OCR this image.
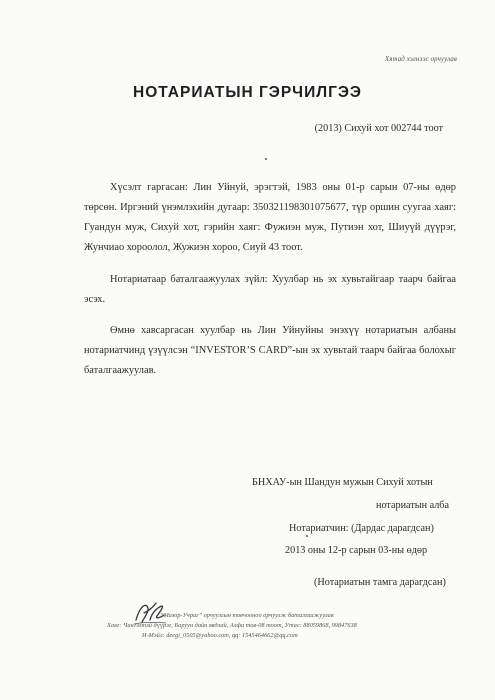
Хятад хэлнээс орчуулав
НОТАРИАТЫН ГЭРЧИЛГЭЭ
(2013) Сихуй хот 002744 тоот
Хүсэлт гаргасан: Лин Уйнуй, эрэгтэй, 1983 оны 01-р сарын 07-ны өдөр төрсөн. Иргэний үнэмлэхийн дугаар: 350321198301075677, түр оршин суугаа хаяг: Гуандун муж, Сихуй хот, гэрийн хаяг: Фужиэн муж, Путиэн хот, Шиуүй дүүрэг, Жунчиао хороолол, Жужиэн хороо, Сиуй 43 тоот.
Нотариатаар баталгаажуулах зүйл: Хуулбар нь эх хувьтайгаар таарч байгаа эсэх.
Өмнө хавсаргасан хуулбар нь Лин Уйнуйны энэхүү нотариатын албаны нотариатчинд үзүүлсэн “INVESTOR’S CARD”-ын эх хувьтай таарч байгаа болохыг баталгаажуулав.
БНХАУ-ын Шандун мужын Сихуй хотын
нотариатын алба
Нотариатчин: (Дардас дарагдсан)
2013 оны 12-р сарын 03-ны өдөр
(Нотариатын тамга дарагдсан)
“Мазор-Учраг” орчуулгын товчооноо орчуулж баталгаажуулав
Хаяг: Чингэлтэй дүүрэг, Баруун дайн явдлай, Алфа тов-08 тоот, Утас: 88059868, 99847638
И-Мэйл: deegi_0505@yahoo.com, qq: 1545464662@qq.com
